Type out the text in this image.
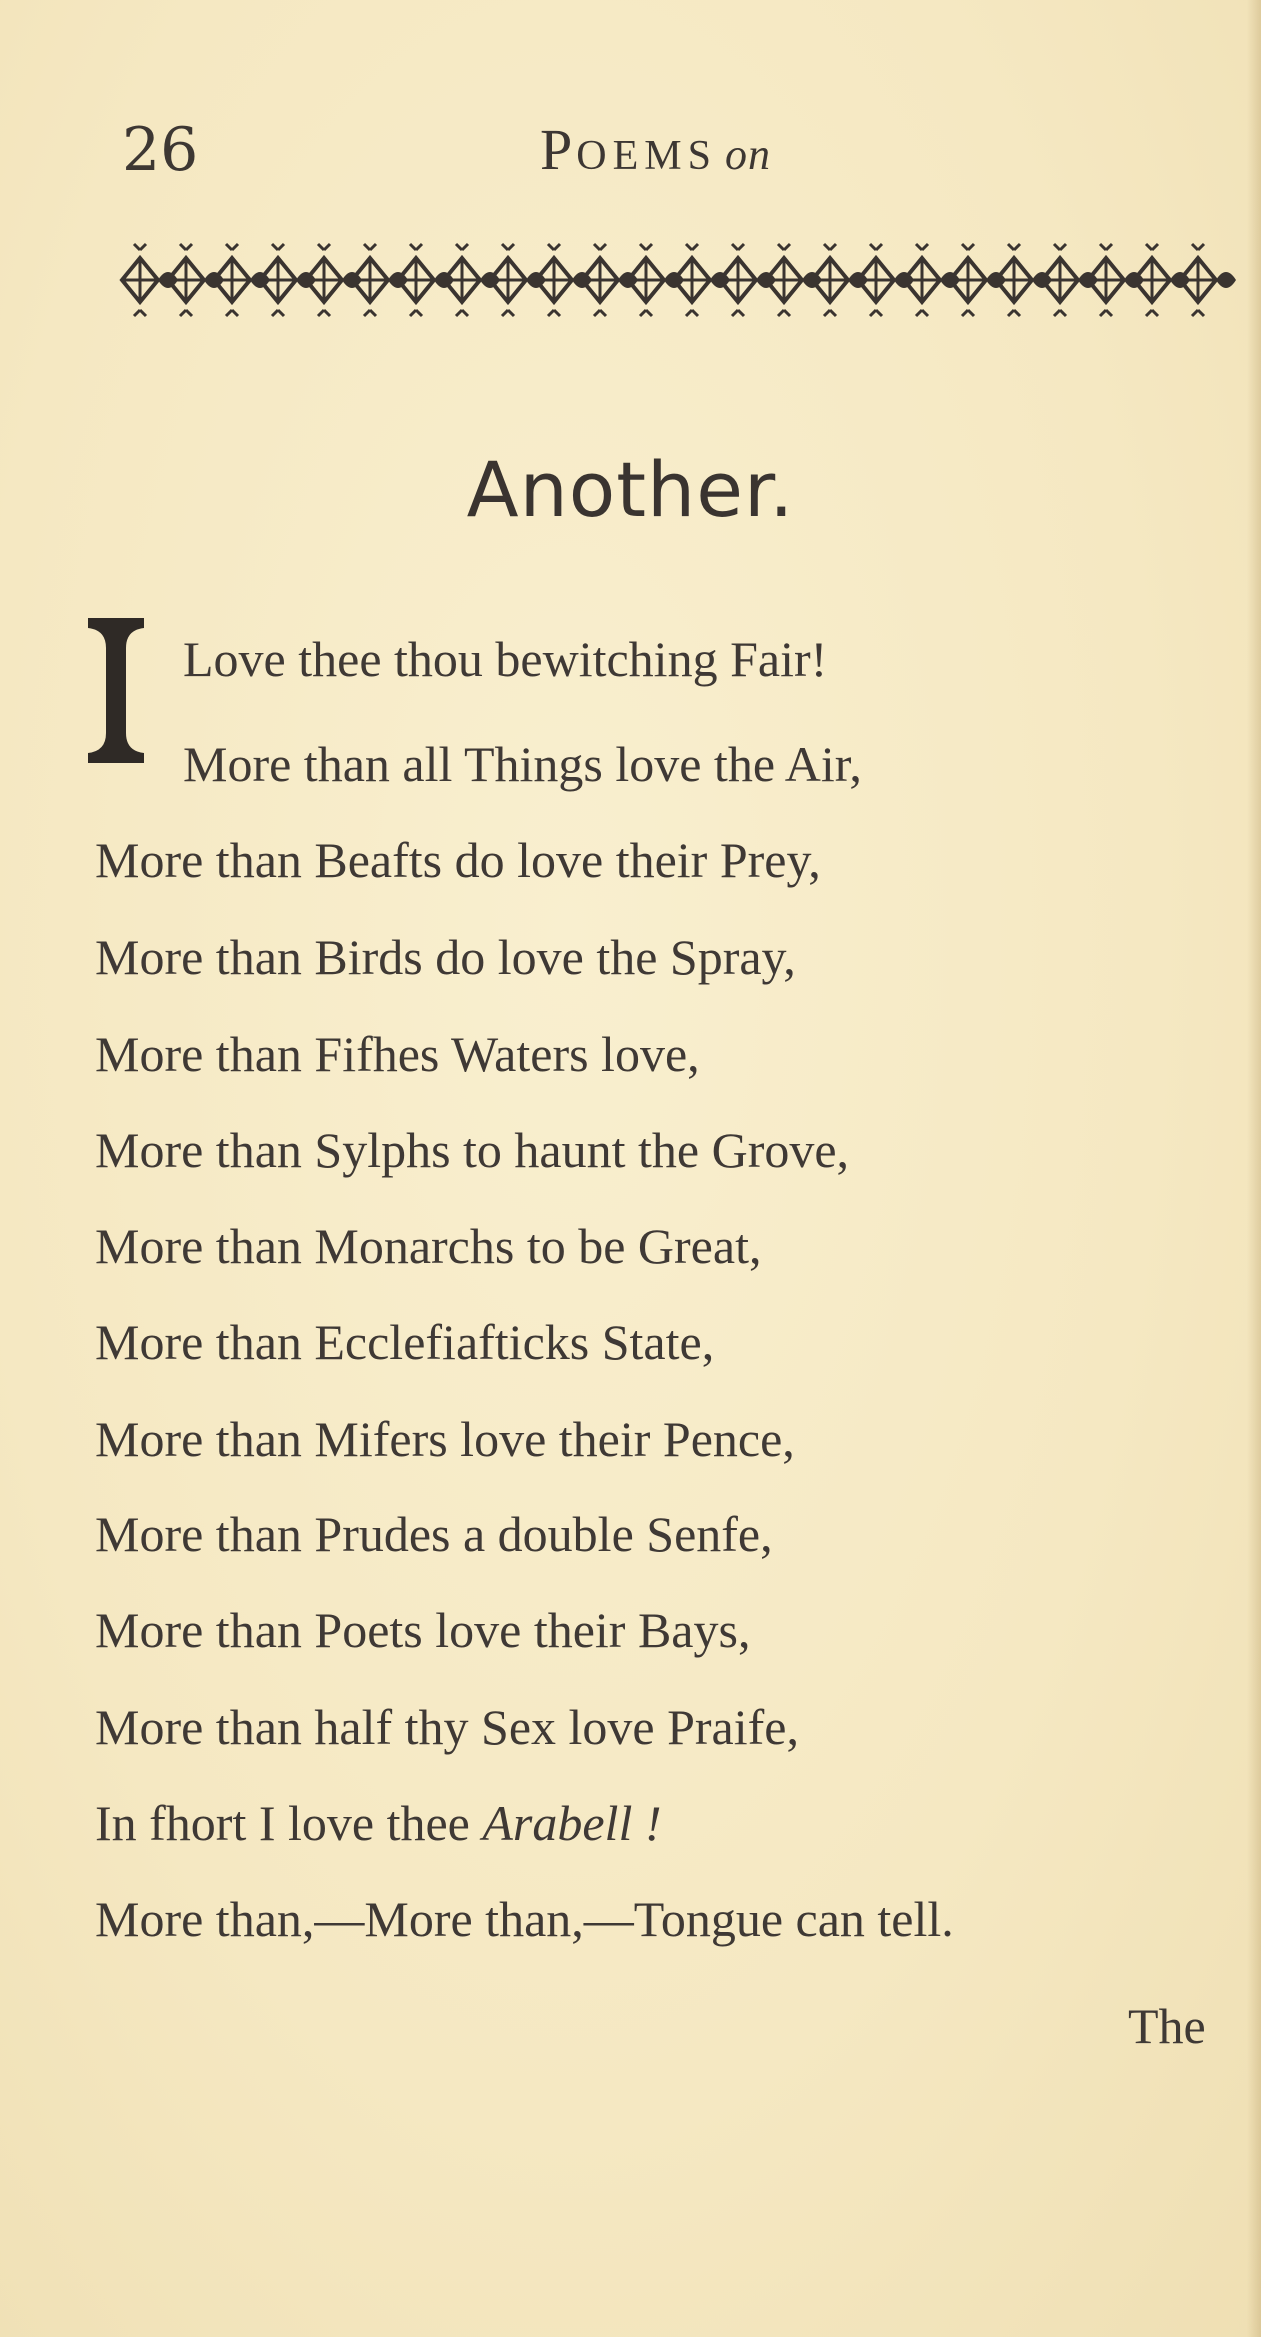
26	POEMS on
Another.
Love thee thou bewitching Fair!
More than all Things love the Air,
More than Beafts do love their Prey,
More than Birds do love the Spray,
More than Fifhes Waters love,
More than Sylphs to haunt the Grove,
More than Monarchs to be Great,
More than Ecclefiafticks State,
More than Mifers love their Pence,
More than Prudes a double Senfe,
More than Poets love their Bays,
More than half thy Sex love Praife,
In fhort I love thee Arabell !
More than,—More than,—Tongue can tell.
The
